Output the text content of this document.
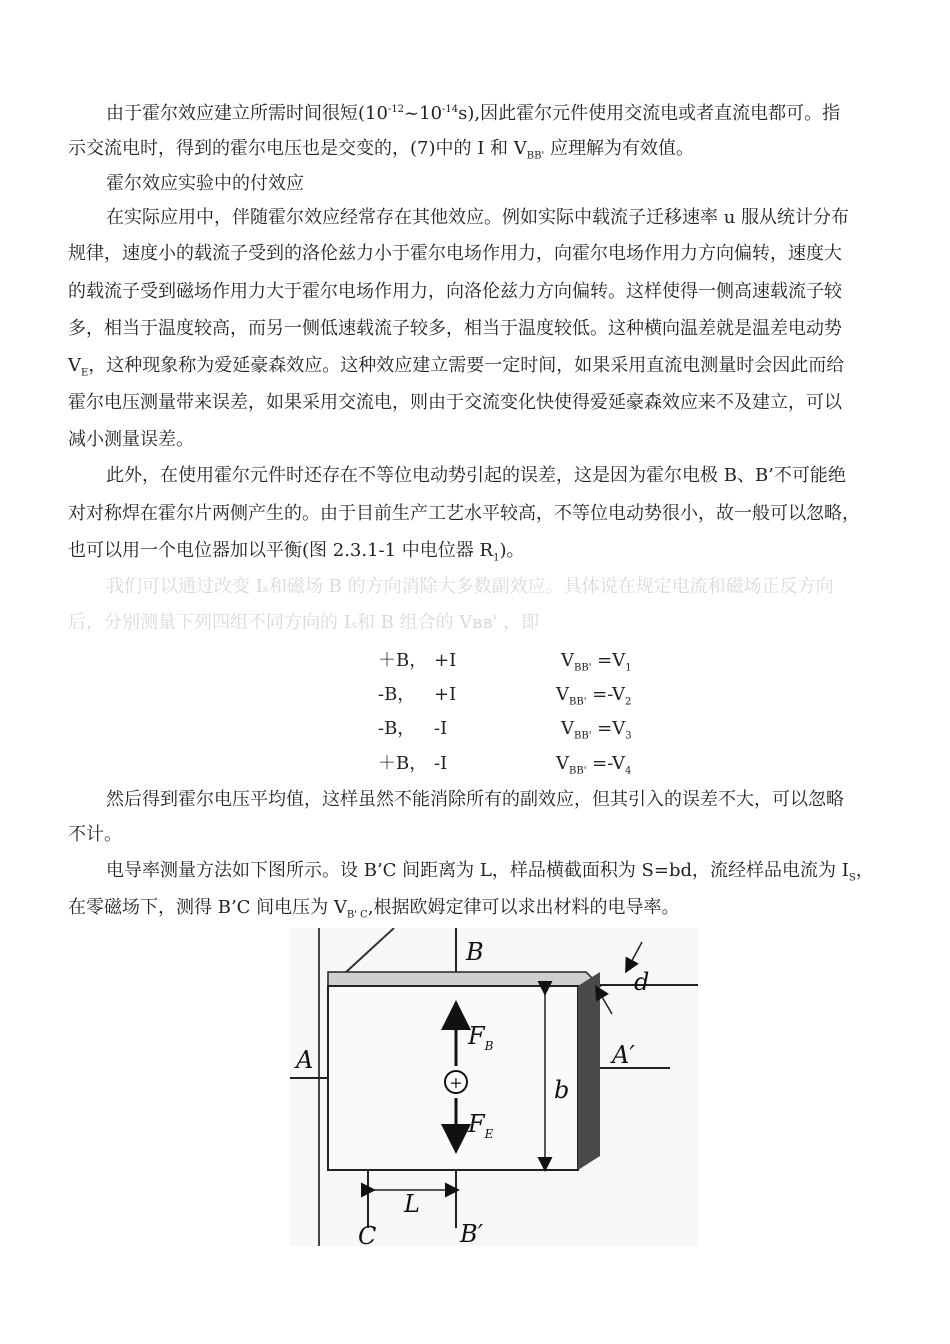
由于霍尔效应建立所需时间很短$(10^{-12}\sim 10^{-14}s)$,因此霍尔元件使用交流电或者直流电都可。指
示交流电时，得到的霍尔电压也是交变的，(7)中的 I 和 $V_{BB'}$ 应理解为有效值。
霍尔效应实验中的付效应
在实际应用中，伴随霍尔效应经常存在其他效应。例如实际中载流子迁移速率 u 服从统计分布
规律，速度小的载流子受到的洛伦兹力小于霍尔电场作用力，向霍尔电场作用力方向偏转，速度大
的载流子受到磁场作用力大于霍尔电场作用力，向洛伦兹力方向偏转。这样使得一侧高速载流子较
多，相当于温度较高，而另一侧低速载流子较多，相当于温度较低。这种横向温差就是温差电动势
$V_E$，这种现象称为爱延豪森效应。这种效应建立需要一定时间，如果采用直流电测量时会因此而给
霍尔电压测量带来误差，如果采用交流电，则由于交流变化快使得爱延豪森效应来不及建立，可以
减小测量误差。
此外，在使用霍尔元件时还存在不等位电动势引起的误差，这是因为霍尔电极 B、B’不可能绝
对对称焊在霍尔片两侧产生的。由于目前生产工艺水平较高，不等位电动势很小，故一般可以忽略，
也可以用一个电位器加以平衡(图 2.3.1-1 中电位器 $R_1$)。
我们可以通过改变 Iₛ和磁场 B 的方向消除大多数副效应。具体说在规定电流和磁场正反方向
后，分别测量下列四组不同方向的 Iₛ和 B 组合的 Vʙʙ' ，即
＋B， +I	$V_{BB'} =V_1$
-B， +I	$V_{BB'} =-V_2$
-B， -I	$V_{BB'} =V_3$
＋B， -I	$V_{BB'} =-V_4$
然后得到霍尔电压平均值，这样虽然不能消除所有的副效应，但其引入的误差不大，可以忽略
不计。
电导率测量方法如下图所示。设 B’C 间距离为 L，样品横截面积为 S=bd，流经样品电流为 $I_S$，
在零磁场下，测得 B’C 间电压为 $V_{B' C}$,根据欧姆定律可以求出材料的电导率。
+
B
d
A	A′
$F_B$
$F_E$
b
L
C	B′
